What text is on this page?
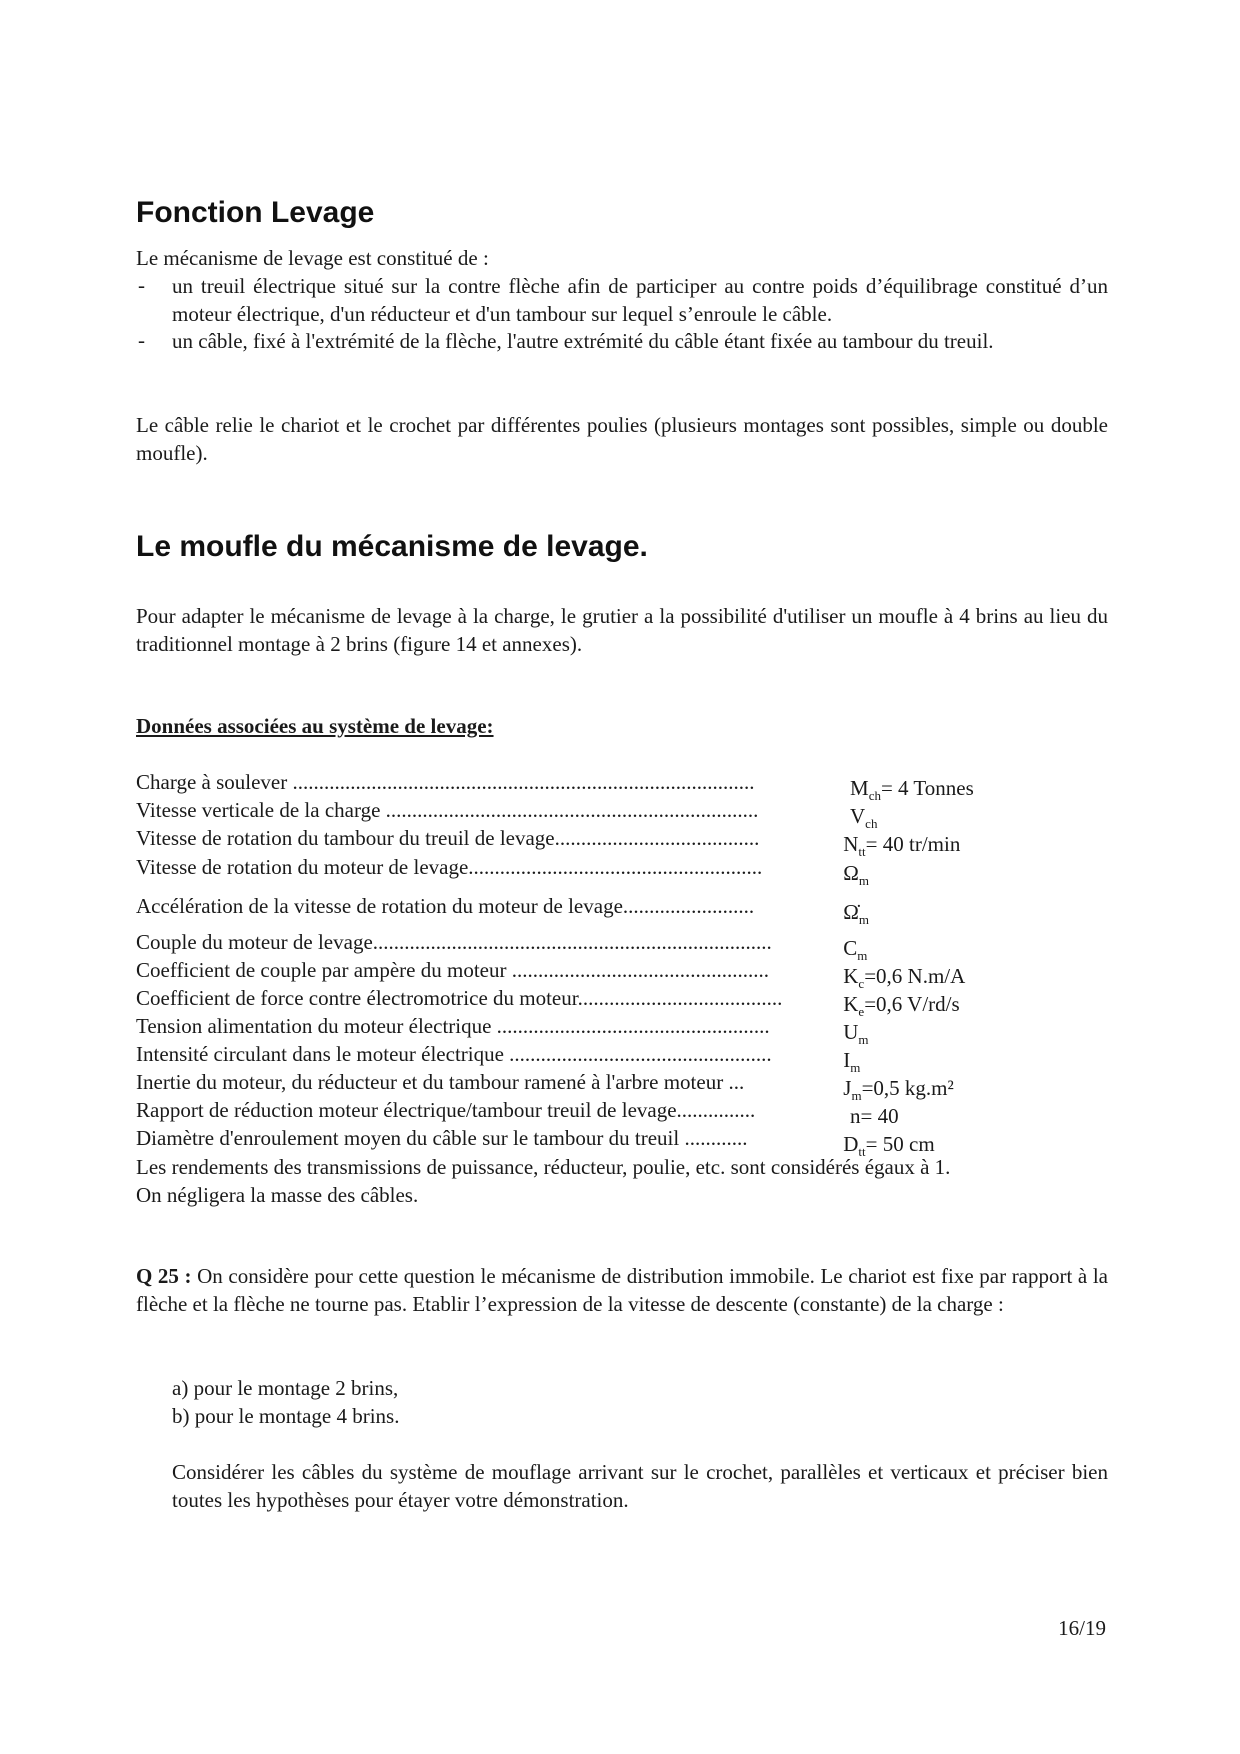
Fonction Levage
Le mécanisme de levage est constitué de :
- un treuil électrique situé sur la contre flèche afin de participer au contre poids d’équilibrage constitué d’un moteur électrique, d'un réducteur et d'un tambour sur lequel s’enroule le câble.
- un câble, fixé à l'extrémité de la flèche, l'autre extrémité du câble étant fixée au tambour du treuil.
Le câble relie le chariot et le crochet par différentes poulies (plusieurs montages sont possibles, simple ou double moufle).
Le moufle du mécanisme de levage.
Pour adapter le mécanisme de levage à la charge, le grutier a la possibilité d'utiliser un moufle à 4 brins au lieu du traditionnel montage à 2 brins (figure 14 et annexes).
Données associées au système de levage:
Charge à soulever ........................................................................................	$M_{ch}= 4$ Tonnes
Vitesse verticale de la charge .......................................................................	$V_{ch}$
Vitesse de rotation du tambour du treuil de levage.......................................	$N_{tt}= 40$ tr/min
Vitesse de rotation du moteur de levage........................................................	$\Omega_m$
Accélération de la vitesse de rotation du moteur de levage.........................	$\Omegȧ_m$
Couple du moteur de levage............................................................................	$C_m$
Coefficient de couple par ampère du moteur .................................................	$K_c=0,6$ N.m/A
Coefficient de force contre électromotrice du moteur.......................................	$K_e=0,6$ V/rd/s
Tension alimentation du moteur électrique ....................................................	$U_m$
Intensité circulant dans le moteur électrique ..................................................	$I_m$
Inertie du moteur, du réducteur et du tambour ramené à l'arbre moteur ...	$J_m=0,5$ kg.m²
Rapport de réduction moteur électrique/tambour treuil de levage...............	n= 40
Diamètre d'enroulement moyen du câble sur le tambour du treuil ............	$D_{tt}= 50$ cm
Les rendements des transmissions de puissance, réducteur, poulie, etc. sont considérés égaux à 1.
On négligera la masse des câbles.
Q 25 : On considère pour cette question le mécanisme de distribution immobile. Le chariot est fixe par rapport à la flèche et la flèche ne tourne pas. Etablir l’expression de la vitesse de descente (constante) de la charge :
a) pour le montage 2 brins,
b) pour le montage 4 brins.
Considérer les câbles du système de mouflage arrivant sur le crochet, parallèles et verticaux et préciser bien toutes les hypothèses pour étayer votre démonstration.
16/19
